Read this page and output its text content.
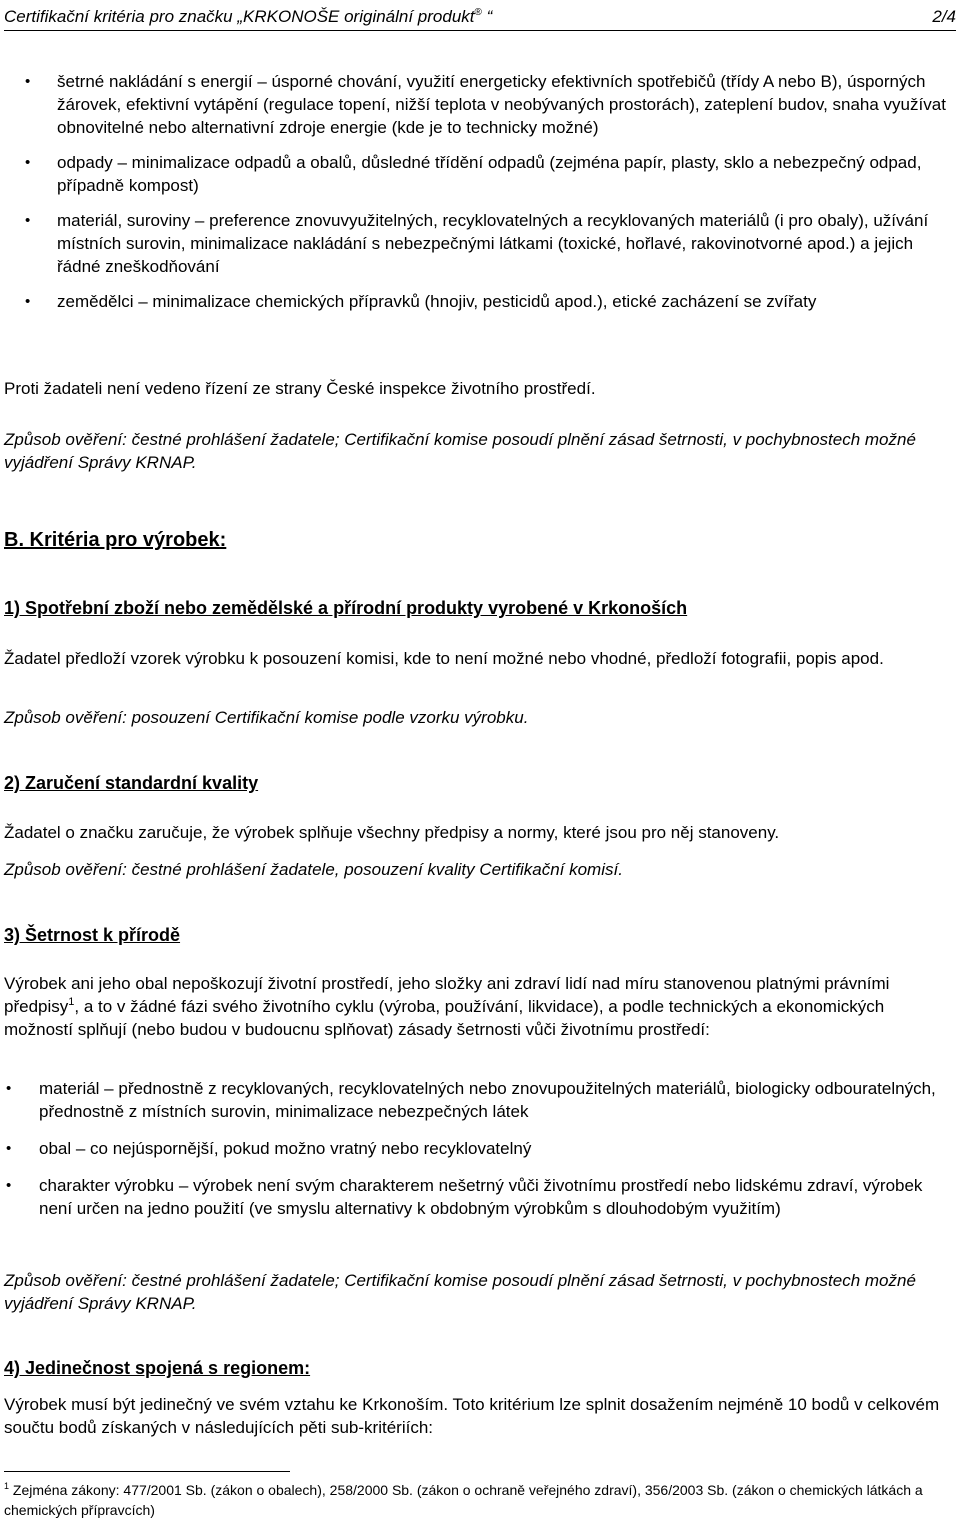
Certifikační kritéria pro značku „KRKONOŠE originální produkt® “	2/4
• šetrné nakládání s energií – úsporné chování, využití energeticky efektivních spotřebičů (třídy A nebo B), úsporných žárovek, efektivní vytápění (regulace topení, nižší teplota v neobývaných prostorách), zateplení budov, snaha využívat obnovitelné nebo alternativní zdroje energie (kde je to technicky možné)
• odpady – minimalizace odpadů a obalů, důsledné třídění odpadů (zejména papír, plasty, sklo a nebezpečný odpad, případně kompost)
• materiál, suroviny – preference znovuvyužitelných, recyklovatelných a recyklovaných materiálů (i pro obaly), užívání místních surovin, minimalizace nakládání s nebezpečnými látkami (toxické, hořlavé, rakovinotvorné apod.) a jejich řádné zneškodňování
• zemědělci – minimalizace chemických přípravků (hnojiv, pesticidů apod.), etické zacházení se zvířaty

Proti žadateli není vedeno řízení ze strany České inspekce životního prostředí.

Způsob ověření: čestné prohlášení žadatele; Certifikační komise posoudí plnění zásad šetrnosti, v pochybnostech možné vyjádření Správy KRNAP.

B. Kritéria pro výrobek:
1) Spotřební zboží nebo zemědělské a přírodní produkty vyrobené v Krkonoších

Žadatel předloží vzorek výrobku k posouzení komisi, kde to není možné nebo vhodné, předloží fotografii, popis apod.

Způsob ověření: posouzení Certifikační komise podle vzorku výrobku.

2) Zaručení standardní kvality

Žadatel o značku zaručuje, že výrobek splňuje všechny předpisy a normy, které jsou pro něj stanoveny.

Způsob ověření: čestné prohlášení žadatele, posouzení kvality Certifikační komisí.

3) Šetrnost k přírodě

Výrobek ani jeho obal nepoškozují životní prostředí, jeho složky ani zdraví lidí nad míru stanovenou platnými právními předpisy$^1$, a to v žádné fázi svého životního cyklu (výroba, používání, likvidace), a podle technických a ekonomických možností splňují (nebo budou v budoucnu splňovat) zásady šetrnosti vůči životnímu prostředí:

• materiál – přednostně z recyklovaných, recyklovatelných nebo znovupoužitelných materiálů, biologicky odbouratelných, přednostně z místních surovin, minimalizace nebezpečných látek
• obal – co nejúspornější, pokud možno vratný nebo recyklovatelný
• charakter výrobku – výrobek není svým charakterem nešetrný vůči životnímu prostředí nebo lidskému zdraví, výrobek není určen na jedno použití (ve smyslu alternativy k obdobným výrobkům s dlouhodobým využitím)

Způsob ověření: čestné prohlášení žadatele; Certifikační komise posoudí plnění zásad šetrnosti, v pochybnostech možné vyjádření Správy KRNAP.

4) Jedinečnost spojená s regionem:

Výrobek musí být jedinečný ve svém vztahu ke Krkonoším. Toto kritérium lze splnit dosažením nejméně 10 bodů v celkovém součtu bodů získaných v následujících pěti sub-kritériích:

$^1$ Zejména zákony: 477/2001 Sb. (zákon o obalech), 258/2000 Sb. (zákon o ochraně veřejného zdraví), 356/2003 Sb. (zákon o chemických látkách a chemických přípravcích)
